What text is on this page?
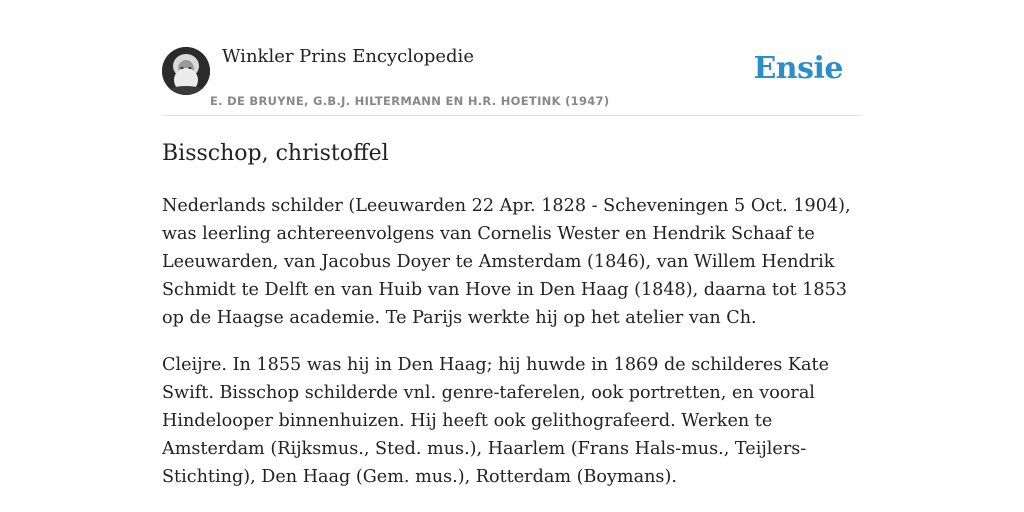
Winkler Prins Encyclopedie
E. DE BRUYNE, G.B.J. HILTERMANN EN H.R. HOETINK (1947)
Ensie
Bisschop, christoffel

Nederlands schilder (Leeuwarden 22 Apr. 1828 - Scheveningen 5 Oct. 1904), was leerling achtereenvolgens van Cornelis Wester en Hendrik Schaaf te Leeuwarden, van Jacobus Doyer te Amsterdam (1846), van Willem Hendrik Schmidt te Delft en van Huib van Hove in Den Haag (1848), daarna tot 1853 op de Haagse academie. Te Parijs werkte hij op het atelier van Ch.

Cleijre. In 1855 was hij in Den Haag; hij huwde in 1869 de schilderes Kate Swift. Bisschop schilderde vnl. genre-taferelen, ook portretten, en vooral Hindelooper binnenhuizen. Hij heeft ook gelithografeerd. Werken te Amsterdam (Rijksmus., Sted. mus.), Haarlem (Frans Hals-mus., Teijlers-Stichting), Den Haag (Gem. mus.), Rotterdam (Boymans).
